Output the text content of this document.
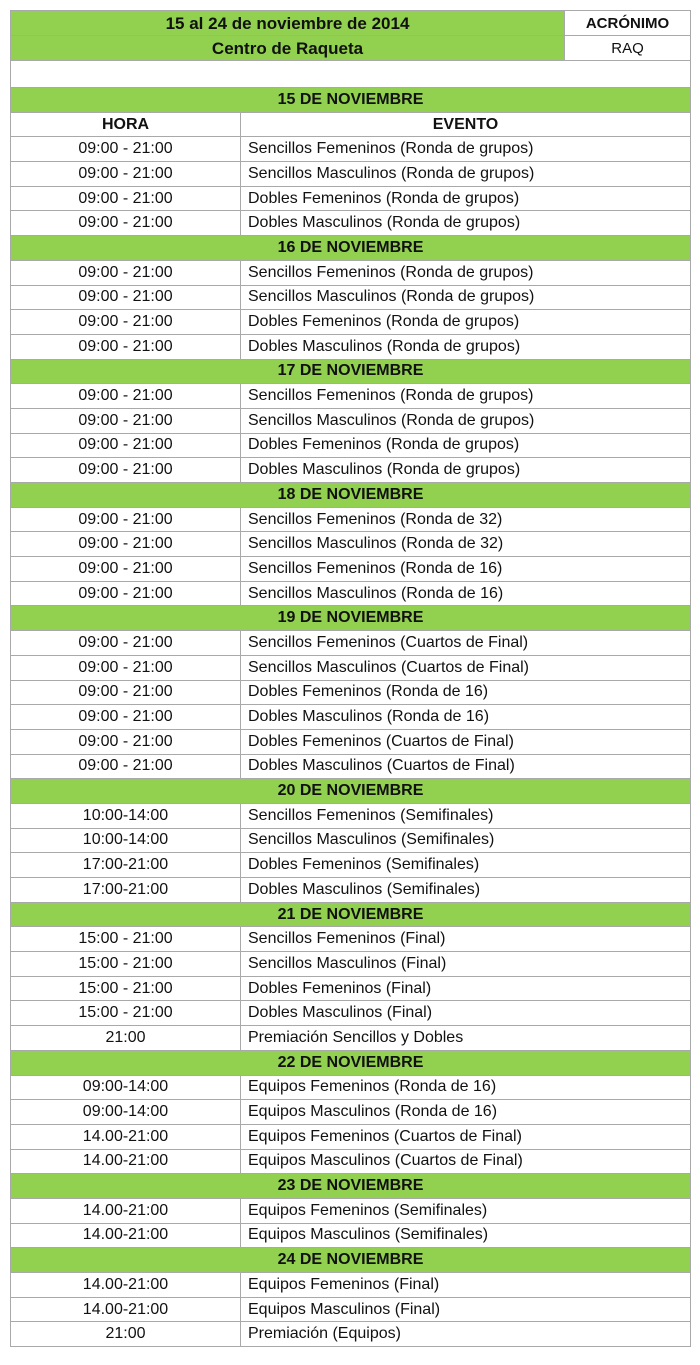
15 al 24 de noviembre de 2014		ACRÓNIMO
Centro de Raqueta		RAQ

15 DE NOVIEMBRE		
HORA	EVENTO	
09:00 - 21:00	Sencillos Femeninos (Ronda de grupos)	
09:00 - 21:00	Sencillos Masculinos (Ronda de grupos)	
09:00 - 21:00	Dobles Femeninos (Ronda de grupos)	
09:00 - 21:00	Dobles Masculinos (Ronda de grupos)	
16 DE NOVIEMBRE		
09:00 - 21:00	Sencillos Femeninos (Ronda de grupos)	
09:00 - 21:00	Sencillos Masculinos (Ronda de grupos)	
09:00 - 21:00	Dobles Femeninos (Ronda de grupos)	
09:00 - 21:00	Dobles Masculinos (Ronda de grupos)	
17 DE NOVIEMBRE		
09:00 - 21:00	Sencillos Femeninos (Ronda de grupos)	
09:00 - 21:00	Sencillos Masculinos (Ronda de grupos)	
09:00 - 21:00	Dobles Femeninos (Ronda de grupos)	
09:00 - 21:00	Dobles Masculinos (Ronda de grupos)	
18 DE NOVIEMBRE		
09:00 - 21:00	Sencillos Femeninos (Ronda de 32)	
09:00 - 21:00	Sencillos Masculinos (Ronda de 32)	
09:00 - 21:00	Sencillos Femeninos (Ronda de 16)	
09:00 - 21:00	Sencillos Masculinos (Ronda de 16)	
19 DE NOVIEMBRE		
09:00 - 21:00	Sencillos Femeninos (Cuartos de Final)	
09:00 - 21:00	Sencillos Masculinos (Cuartos de Final)	
09:00 - 21:00	Dobles Femeninos (Ronda de 16)	
09:00 - 21:00	Dobles Masculinos (Ronda de 16)	
09:00 - 21:00	Dobles Femeninos (Cuartos de Final)	
09:00 - 21:00	Dobles Masculinos (Cuartos de Final)	
20 DE NOVIEMBRE		
10:00-14:00	Sencillos Femeninos (Semifinales)	
10:00-14:00	Sencillos Masculinos (Semifinales)	
17:00-21:00	Dobles Femeninos (Semifinales)	
17:00-21:00	Dobles Masculinos (Semifinales)	
21 DE NOVIEMBRE		
15:00 - 21:00	Sencillos Femeninos (Final)	
15:00 - 21:00	Sencillos Masculinos (Final)	
15:00 - 21:00	Dobles Femeninos (Final)	
15:00 - 21:00	Dobles Masculinos (Final)	
21:00	Premiación Sencillos y Dobles	
22 DE NOVIEMBRE		
09:00-14:00	Equipos Femeninos (Ronda de 16)	
09:00-14:00	Equipos Masculinos (Ronda de 16)	
14.00-21:00	Equipos Femeninos (Cuartos de Final)	
14.00-21:00	Equipos Masculinos (Cuartos de Final)	
23 DE NOVIEMBRE		
14.00-21:00	Equipos Femeninos (Semifinales)	
14.00-21:00	Equipos Masculinos (Semifinales)	
24 DE NOVIEMBRE		
14.00-21:00	Equipos Femeninos (Final)	
14.00-21:00	Equipos Masculinos (Final)	
21:00	Premiación (Equipos)	
